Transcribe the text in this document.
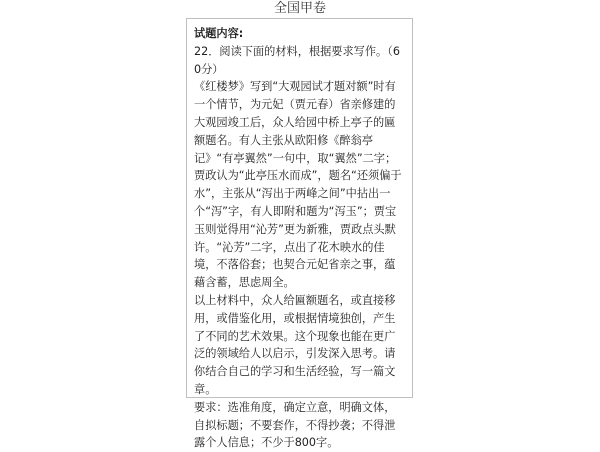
全国甲卷
试题内容:
22．阅读下面的材料，根据要求写作。（60分）
《红楼梦》写到“大观园试才题对额”时有一个情节，为元妃（贾元春）省亲修建的大观园竣工后，众人给园中桥上亭子的匾额题名。有人主张从欧阳修《醉翁亭记》“有亭翼然”一句中，取“翼然”二字；贾政认为“此亭压水而成”，题名“还须偏于水”，主张从“泻出于两峰之间”中拈出一个“泻”字，有人即附和题为“泻玉”；贾宝玉则觉得用“沁芳”更为新雅，贾政点头默许。“沁芳”二字，点出了花木映水的佳境，不落俗套；也契合元妃省亲之事，蕴藉含蓄，思虑周全。
以上材料中，众人给匾额题名，或直接移用，或借鉴化用，或根据情境独创，产生了不同的艺术效果。这个现象也能在更广泛的领域给人以启示，引发深入思考。请你结合自己的学习和生活经验，写一篇文章。
要求：选准角度，确定立意，明确文体，自拟标题；不要套作，不得抄袭；不得泄露个人信息；不少于800字。
